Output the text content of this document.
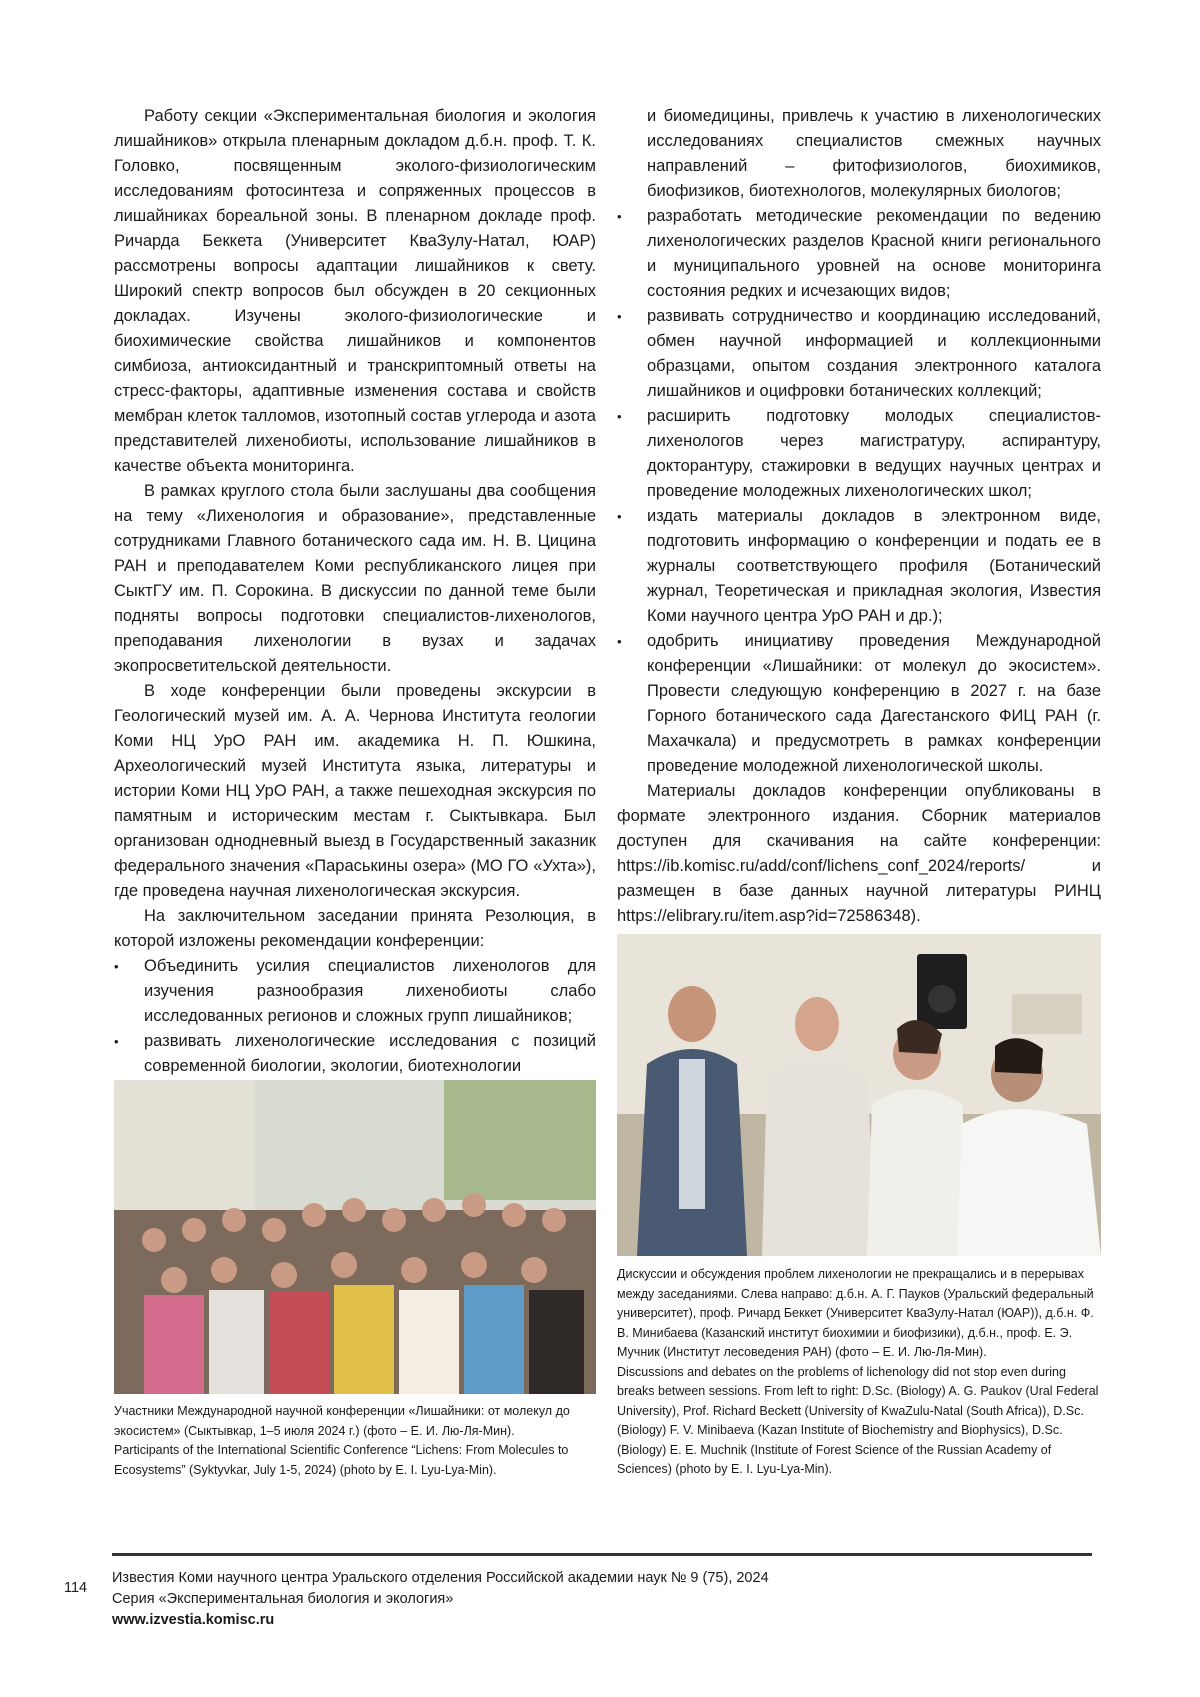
Работу секции «Экспериментальная биология и экология лишайников» открыла пленарным докладом д.б.н. проф. Т. К. Головко, посвященным эколого-физиологическим исследованиям фотосинтеза и сопряженных процессов в лишайниках бореальной зоны. В пленарном докладе проф. Ричарда Беккета (Университет КваЗулу-Натал, ЮАР) рассмотрены вопросы адаптации лишайников к свету. Широкий спектр вопросов был обсужден в 20 секционных докладах. Изучены эколого-физиологические и биохимические свойства лишайников и компонентов симбиоза, антиоксидантный и транскриптомный ответы на стресс-факторы, адаптивные изменения состава и свойств мембран клеток талломов, изотопный состав углерода и азота представителей лихенобиоты, использование лишайников в качестве объекта мониторинга.

В рамках круглого стола были заслушаны два сообщения на тему «Лихенология и образование», представленные сотрудниками Главного ботанического сада им. Н. В. Цицина РАН и преподавателем Коми республиканского лицея при СыктГУ им. П. Сорокина. В дискуссии по данной теме были подняты вопросы подготовки специалистов-лихенологов, преподавания лихенологии в вузах и задачах экопросветительской деятельности.

В ходе конференции были проведены экскурсии в Геологический музей им. А. А. Чернова Института геологии Коми НЦ УрО РАН им. академика Н. П. Юшкина, Археологический музей Института языка, литературы и истории Коми НЦ УрО РАН, а также пешеходная экскурсия по памятным и историческим местам г. Сыктывкара. Был организован однодневный выезд в Государственный заказник федерального значения «Параськины озера» (МО ГО «Ухта»), где проведена научная лихенологическая экскурсия.

На заключительном заседании принята Резолюция, в которой изложены рекомендации конференции:

• Объединить усилия специалистов лихенологов для изучения разнообразия лихенобиоты слабо исследованных регионов и сложных групп лишайников;
• развивать лихенологические исследования с позиций современной биологии, экологии, биотехнологии

и биомедицины, привлечь к участию в лихенологических исследованиях специалистов смежных научных направлений – фитофизиологов, биохимиков, биофизиков, биотехнологов, молекулярных биологов;

• разработать методические рекомендации по ведению лихенологических разделов Красной книги регионального и муниципального уровней на основе мониторинга состояния редких и исчезающих видов;
• развивать сотрудничество и координацию исследований, обмен научной информацией и коллекционными образцами, опытом создания электронного каталога лишайников и оцифровки ботанических коллекций;
• расширить подготовку молодых специалистов-лихенологов через магистратуру, аспирантуру, докторантуру, стажировки в ведущих научных центрах и проведение молодежных лихенологических школ;
• издать материалы докладов в электронном виде, подготовить информацию о конференции и подать ее в журналы соответствующего профиля (Ботанический журнал, Теоретическая и прикладная экология, Известия Коми научного центра УрО РАН и др.);
• одобрить инициативу проведения Международной конференции «Лишайники: от молекул до экосистем». Провести следующую конференцию в 2027 г. на базе Горного ботанического сада Дагестанского ФИЦ РАН (г. Махачкала) и предусмотреть в рамках конференции проведение молодежной лихенологической школы.

Материалы докладов конференции опубликованы в формате электронного издания. Сборник материалов доступен для скачивания на сайте конференции: https://ib.komisc.ru/add/conf/lichens_conf_2024/reports/ и размещен в базе данных научной литературы РИНЦ https://elibrary.ru/item.asp?id=72586348).

Дискуссии и обсуждения проблем лихенологии не прекращались и в перерывах между заседаниями. Слева направо: д.б.н. А. Г. Пауков (Уральский федеральный университет), проф. Ричард Беккет (Университет КваЗулу-Натал (ЮАР)), д.б.н. Ф. В. Минибаева (Казанский институт биохимии и биофизики), д.б.н., проф. Е. Э. Мучник (Институт лесоведения РАН) (фото – Е. И. Лю-Ля-Мин).
Discussions and debates on the problems of lichenology did not stop even during breaks between sessions. From left to right: D.Sc. (Biology) A. G. Paukov (Ural Federal University), Prof. Richard Beckett (University of KwaZulu-Natal (South Africa)), D.Sc. (Biology) F. V. Minibaeva (Kazan Institute of Biochemistry and Biophysics), D.Sc. (Biology) E. E. Muchnik (Institute of Forest Science of the Russian Academy of Sciences) (photo by E. I. Lyu-Lya-Min).
Участники Международной научной конференции «Лишайники: от молекул до экосистем» (Сыктывкар, 1–5 июля 2024 г.) (фото – Е. И. Лю-Ля-Мин).
Participants of the International Scientific Conference “Lichens: From Molecules to Ecosystems” (Syktyvkar, July 1-5, 2024) (photo by E. I. Lyu-Lya-Min).
114
Известия Коми научного центра Уральского отделения Российской академии наук № 9 (75), 2024
Серия «Экспериментальная биология и экология»
www.izvestia.komisc.ru
